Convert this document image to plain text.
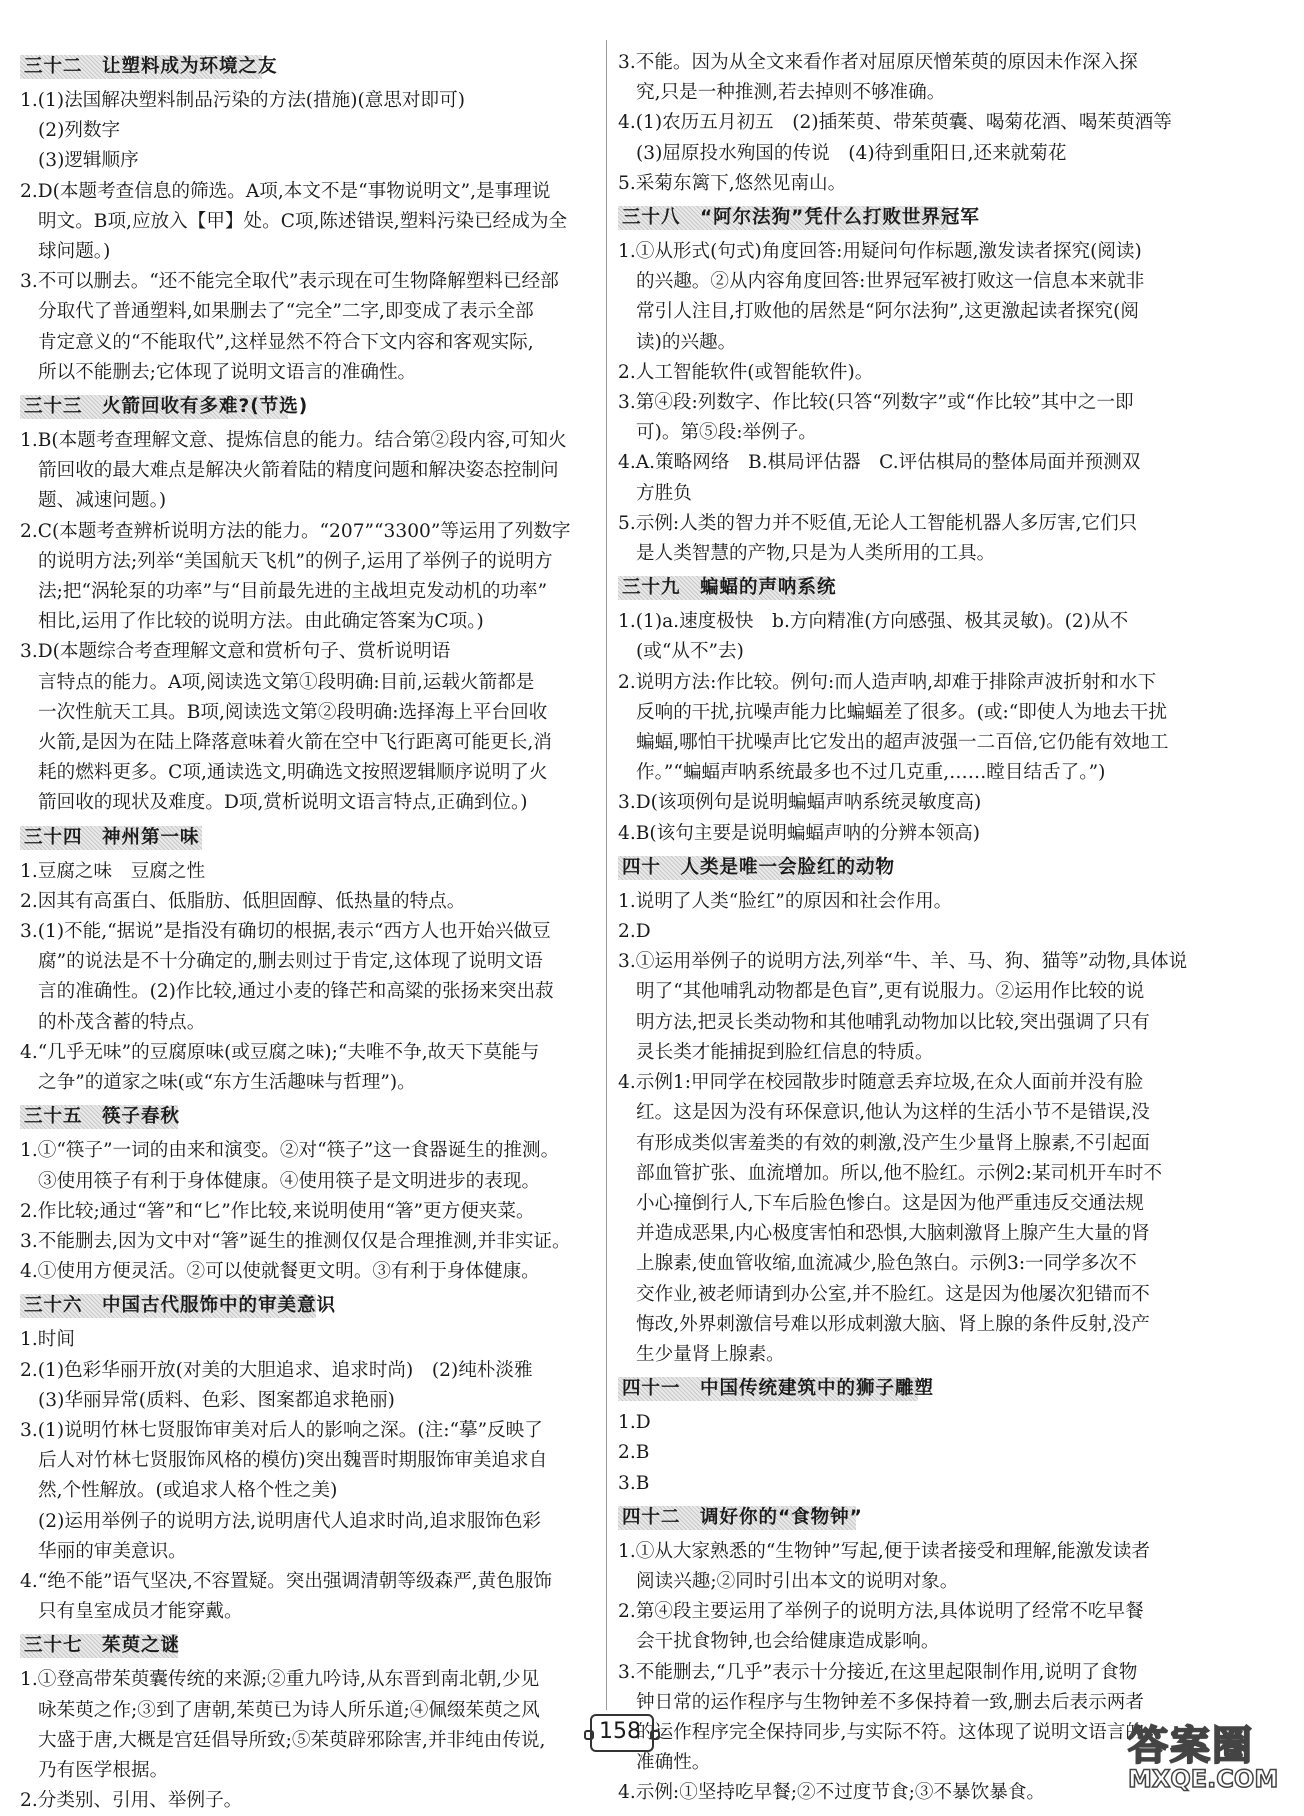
三十二　让塑料成为环境之友
1.(1)法国解决塑料制品污染的方法(措施)(意思对即可)
(2)列数字
(3)逻辑顺序
2.D(本题考查信息的筛选。A项,本文不是“事物说明文”,是事理说
明文。B项,应放入【甲】处。C项,陈述错误,塑料污染已经成为全
球问题。)
3.不可以删去。“还不能完全取代”表示现在可生物降解塑料已经部
分取代了普通塑料,如果删去了“完全”二字,即变成了表示全部
肯定意义的“不能取代”,这样显然不符合下文内容和客观实际,
所以不能删去;它体现了说明文语言的准确性。
三十三　火箭回收有多难?(节选)
1.B(本题考查理解文意、提炼信息的能力。结合第②段内容,可知火
箭回收的最大难点是解决火箭着陆的精度问题和解决姿态控制问
题、减速问题。)
2.C(本题考查辨析说明方法的能力。“207”“3300”等运用了列数字
的说明方法;列举“美国航天飞机”的例子,运用了举例子的说明方
法;把“涡轮泵的功率”与“目前最先进的主战坦克发动机的功率”
相比,运用了作比较的说明方法。由此确定答案为C项。)
3.D(本题综合考查理解文意和赏析句子、赏析说明语
言特点的能力。A项,阅读选文第①段明确:目前,运载火箭都是
一次性航天工具。B项,阅读选文第②段明确:选择海上平台回收
火箭,是因为在陆上降落意味着火箭在空中飞行距离可能更长,消
耗的燃料更多。C项,通读选文,明确选文按照逻辑顺序说明了火
箭回收的现状及难度。D项,赏析说明文语言特点,正确到位。)
三十四　神州第一味
1.豆腐之味　豆腐之性
2.因其有高蛋白、低脂肪、低胆固醇、低热量的特点。
3.(1)不能,“据说”是指没有确切的根据,表示“西方人也开始兴做豆
腐”的说法是不十分确定的,删去则过于肯定,这体现了说明文语
言的准确性。(2)作比较,通过小麦的锋芒和高粱的张扬来突出菽
的朴茂含蓄的特点。
4.“几乎无味”的豆腐原味(或豆腐之味);“夫唯不争,故天下莫能与
之争”的道家之味(或“东方生活趣味与哲理”)。
三十五　筷子春秋
1.①“筷子”一词的由来和演变。②对“筷子”这一食器诞生的推测。
③使用筷子有利于身体健康。④使用筷子是文明进步的表现。
2.作比较;通过“箸”和“匕”作比较,来说明使用“箸”更方便夹菜。
3.不能删去,因为文中对“箸”诞生的推测仅仅是合理推测,并非实证。
4.①使用方便灵活。②可以使就餐更文明。③有利于身体健康。
三十六　中国古代服饰中的审美意识
1.时间
2.(1)色彩华丽开放(对美的大胆追求、追求时尚)　(2)纯朴淡雅
(3)华丽异常(质料、色彩、图案都追求艳丽)
3.(1)说明竹林七贤服饰审美对后人的影响之深。(注:“摹”反映了
后人对竹林七贤服饰风格的模仿)突出魏晋时期服饰审美追求自
然,个性解放。(或追求人格个性之美)
(2)运用举例子的说明方法,说明唐代人追求时尚,追求服饰色彩
华丽的审美意识。
4.“绝不能”语气坚决,不容置疑。突出强调清朝等级森严,黄色服饰
只有皇室成员才能穿戴。
三十七　茱萸之谜
1.①登高带茱萸囊传统的来源;②重九吟诗,从东晋到南北朝,少见
咏茱萸之作;③到了唐朝,茱萸已为诗人所乐道;④佩缀茱萸之风
大盛于唐,大概是宫廷倡导所致;⑤茱萸辟邪除害,并非纯由传说,
乃有医学根据。
2.分类别、引用、举例子。
3.不能。因为从全文来看作者对屈原厌憎茱萸的原因未作深入探
究,只是一种推测,若去掉则不够准确。
4.(1)农历五月初五　(2)插茱萸、带茱萸囊、喝菊花酒、喝茱萸酒等
(3)屈原投水殉国的传说　(4)待到重阳日,还来就菊花
5.采菊东篱下,悠然见南山。
三十八　“阿尔法狗”凭什么打败世界冠军
1.①从形式(句式)角度回答:用疑问句作标题,激发读者探究(阅读)
的兴趣。②从内容角度回答:世界冠军被打败这一信息本来就非
常引人注目,打败他的居然是“阿尔法狗”,这更激起读者探究(阅
读)的兴趣。
2.人工智能软件(或智能软件)。
3.第④段:列数字、作比较(只答“列数字”或“作比较”其中之一即
可)。第⑤段:举例子。
4.A.策略网络　B.棋局评估器　C.评估棋局的整体局面并预测双
方胜负
5.示例:人类的智力并不贬值,无论人工智能机器人多厉害,它们只
是人类智慧的产物,只是为人类所用的工具。
三十九　蝙蝠的声呐系统
1.(1)a.速度极快　b.方向精准(方向感强、极其灵敏)。(2)从不
(或“从不”去)
2.说明方法:作比较。例句:而人造声呐,却难于排除声波折射和水下
反响的干扰,抗噪声能力比蝙蝠差了很多。(或:“即使人为地去干扰
蝙蝠,哪怕干扰噪声比它发出的超声波强一二百倍,它仍能有效地工
作。”“蝙蝠声呐系统最多也不过几克重,……瞠目结舌了。”)
3.D(该项例句是说明蝙蝠声呐系统灵敏度高)
4.B(该句主要是说明蝙蝠声呐的分辨本领高)
四十　人类是唯一会脸红的动物
1.说明了人类“脸红”的原因和社会作用。
2.D
3.①运用举例子的说明方法,列举“牛、羊、马、狗、猫等”动物,具体说
明了“其他哺乳动物都是色盲”,更有说服力。②运用作比较的说
明方法,把灵长类动物和其他哺乳动物加以比较,突出强调了只有
灵长类才能捕捉到脸红信息的特质。
4.示例1:甲同学在校园散步时随意丢弃垃圾,在众人面前并没有脸
红。这是因为没有环保意识,他认为这样的生活小节不是错误,没
有形成类似害羞类的有效的刺激,没产生少量肾上腺素,不引起面
部血管扩张、血流增加。所以,他不脸红。示例2:某司机开车时不
小心撞倒行人,下车后脸色惨白。这是因为他严重违反交通法规
并造成恶果,内心极度害怕和恐惧,大脑刺激肾上腺产生大量的肾
上腺素,使血管收缩,血流减少,脸色煞白。示例3:一同学多次不
交作业,被老师请到办公室,并不脸红。这是因为他屡次犯错而不
悔改,外界刺激信号难以形成刺激大脑、肾上腺的条件反射,没产
生少量肾上腺素。
四十一　中国传统建筑中的狮子雕塑
1.D
2.B
3.B
四十二　调好你的“食物钟”
1.①从大家熟悉的“生物钟”写起,便于读者接受和理解,能激发读者
阅读兴趣;②同时引出本文的说明对象。
2.第④段主要运用了举例子的说明方法,具体说明了经常不吃早餐
会干扰食物钟,也会给健康造成影响。
3.不能删去,“几乎”表示十分接近,在这里起限制作用,说明了食物
钟日常的运作程序与生物钟差不多保持着一致,删去后表示两者
的运作程序完全保持同步,与实际不符。这体现了说明文语言的
准确性。
4.示例:①坚持吃早餐;②不过度节食;③不暴饮暴食。
158	答案圈
MXQE.COM
